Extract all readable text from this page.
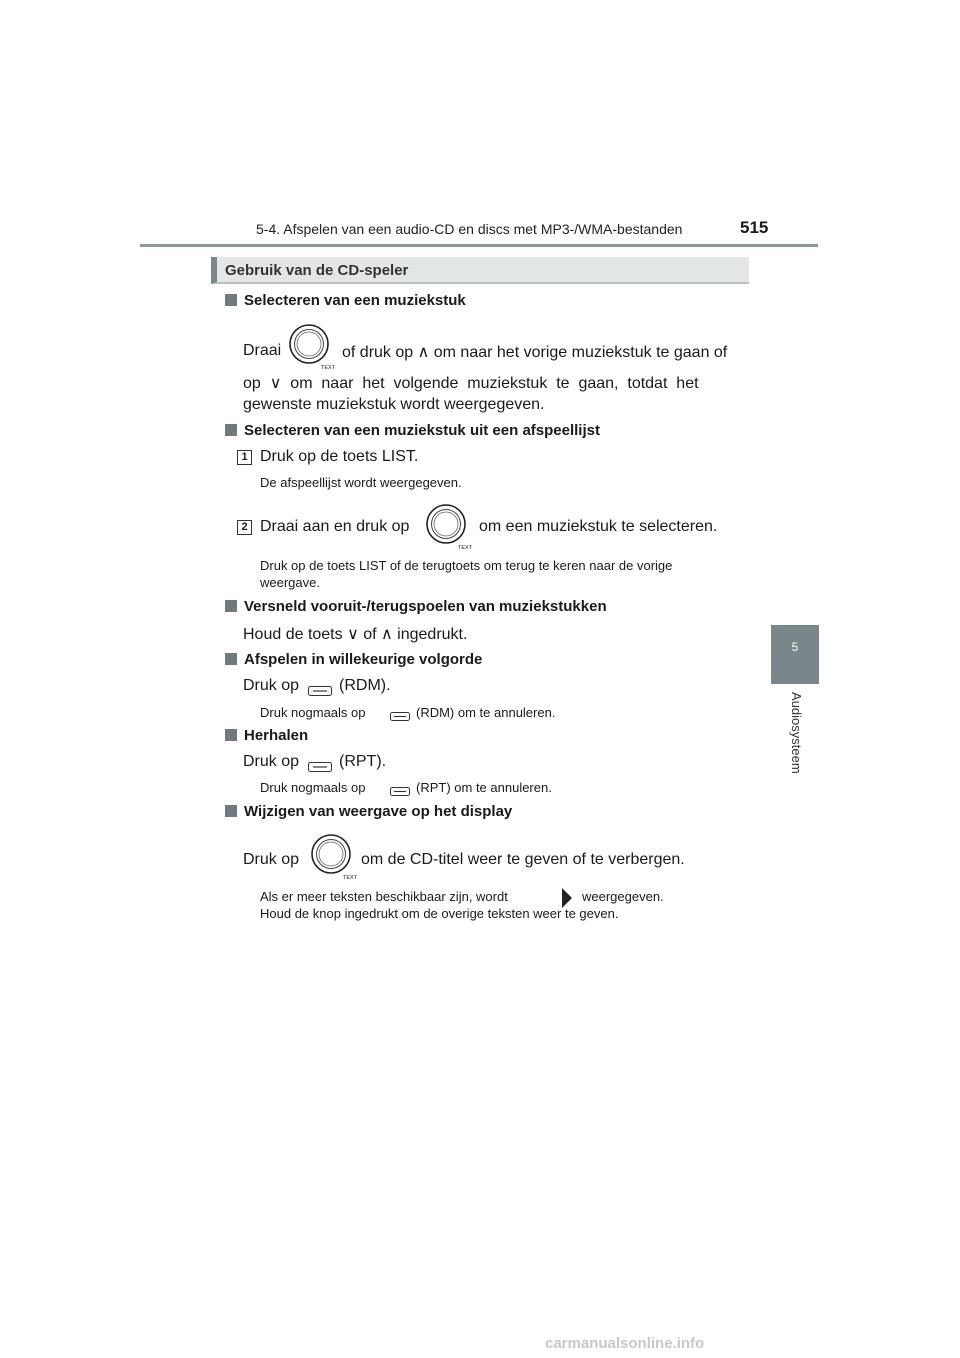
5-4. Afspelen van een audio-CD en discs met MP3-/WMA-bestanden	515
5
Audiosysteem
Gebruik van de CD-speler
Selecteren van een muziekstuk
Draai
TEXT
of druk op ∧ om naar het vorige muziekstuk te gaan of
op  ∨  om  naar  het  volgende  muziekstuk  te  gaan,  totdat  het
gewenste muziekstuk wordt weergegeven.
Selecteren van een muziekstuk uit een afspeellijst
1 Druk op de toets LIST.
De afspeellijst wordt weergegeven.
2 Draai aan en druk op
TEXT
om een muziekstuk te selecteren.
Druk op de toets LIST of de terugtoets om terug te keren naar de vorige
weergave.
Versneld vooruit-/terugspoelen van muziekstukken
Houd de toets ∨ of ∧ ingedrukt.
Afspelen in willekeurige volgorde
Druk op (RDM).
Druk nogmaals op	(RDM) om te annuleren.
Herhalen
Druk op (RPT).
Druk nogmaals op	(RPT) om te annuleren.
Wijzigen van weergave op het display
Druk op
TEXT
om de CD-titel weer te geven of te verbergen.
Als er meer teksten beschikbaar zijn, wordt	weergegeven.
Houd de knop ingedrukt om de overige teksten weer te geven.
carmanualsonline.info
